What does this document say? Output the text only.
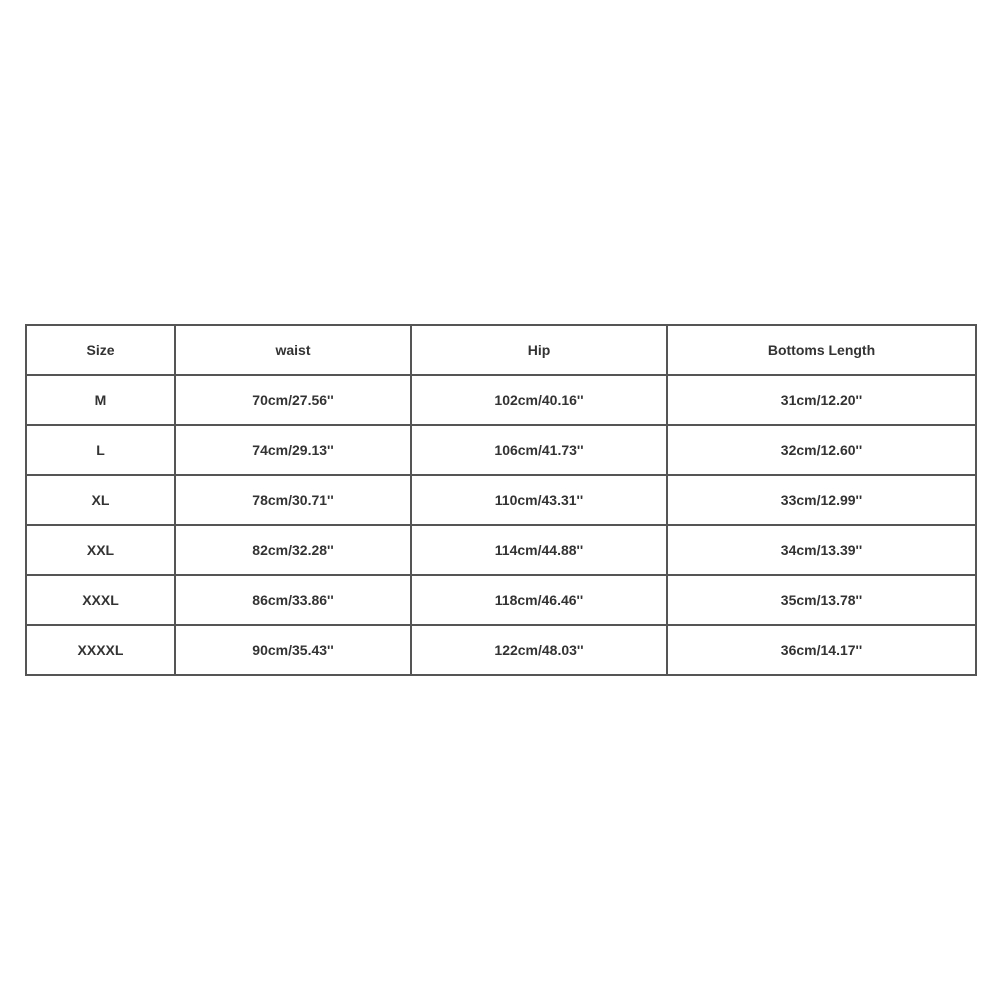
Size	waist	Hip	Bottoms Length
M	70cm/27.56''	102cm/40.16''	31cm/12.20''
L	74cm/29.13''	106cm/41.73''	32cm/12.60''
XL	78cm/30.71''	110cm/43.31''	33cm/12.99''
XXL	82cm/32.28''	114cm/44.88''	34cm/13.39''
XXXL	86cm/33.86''	118cm/46.46''	35cm/13.78''
XXXXL	90cm/35.43''	122cm/48.03''	36cm/14.17''
